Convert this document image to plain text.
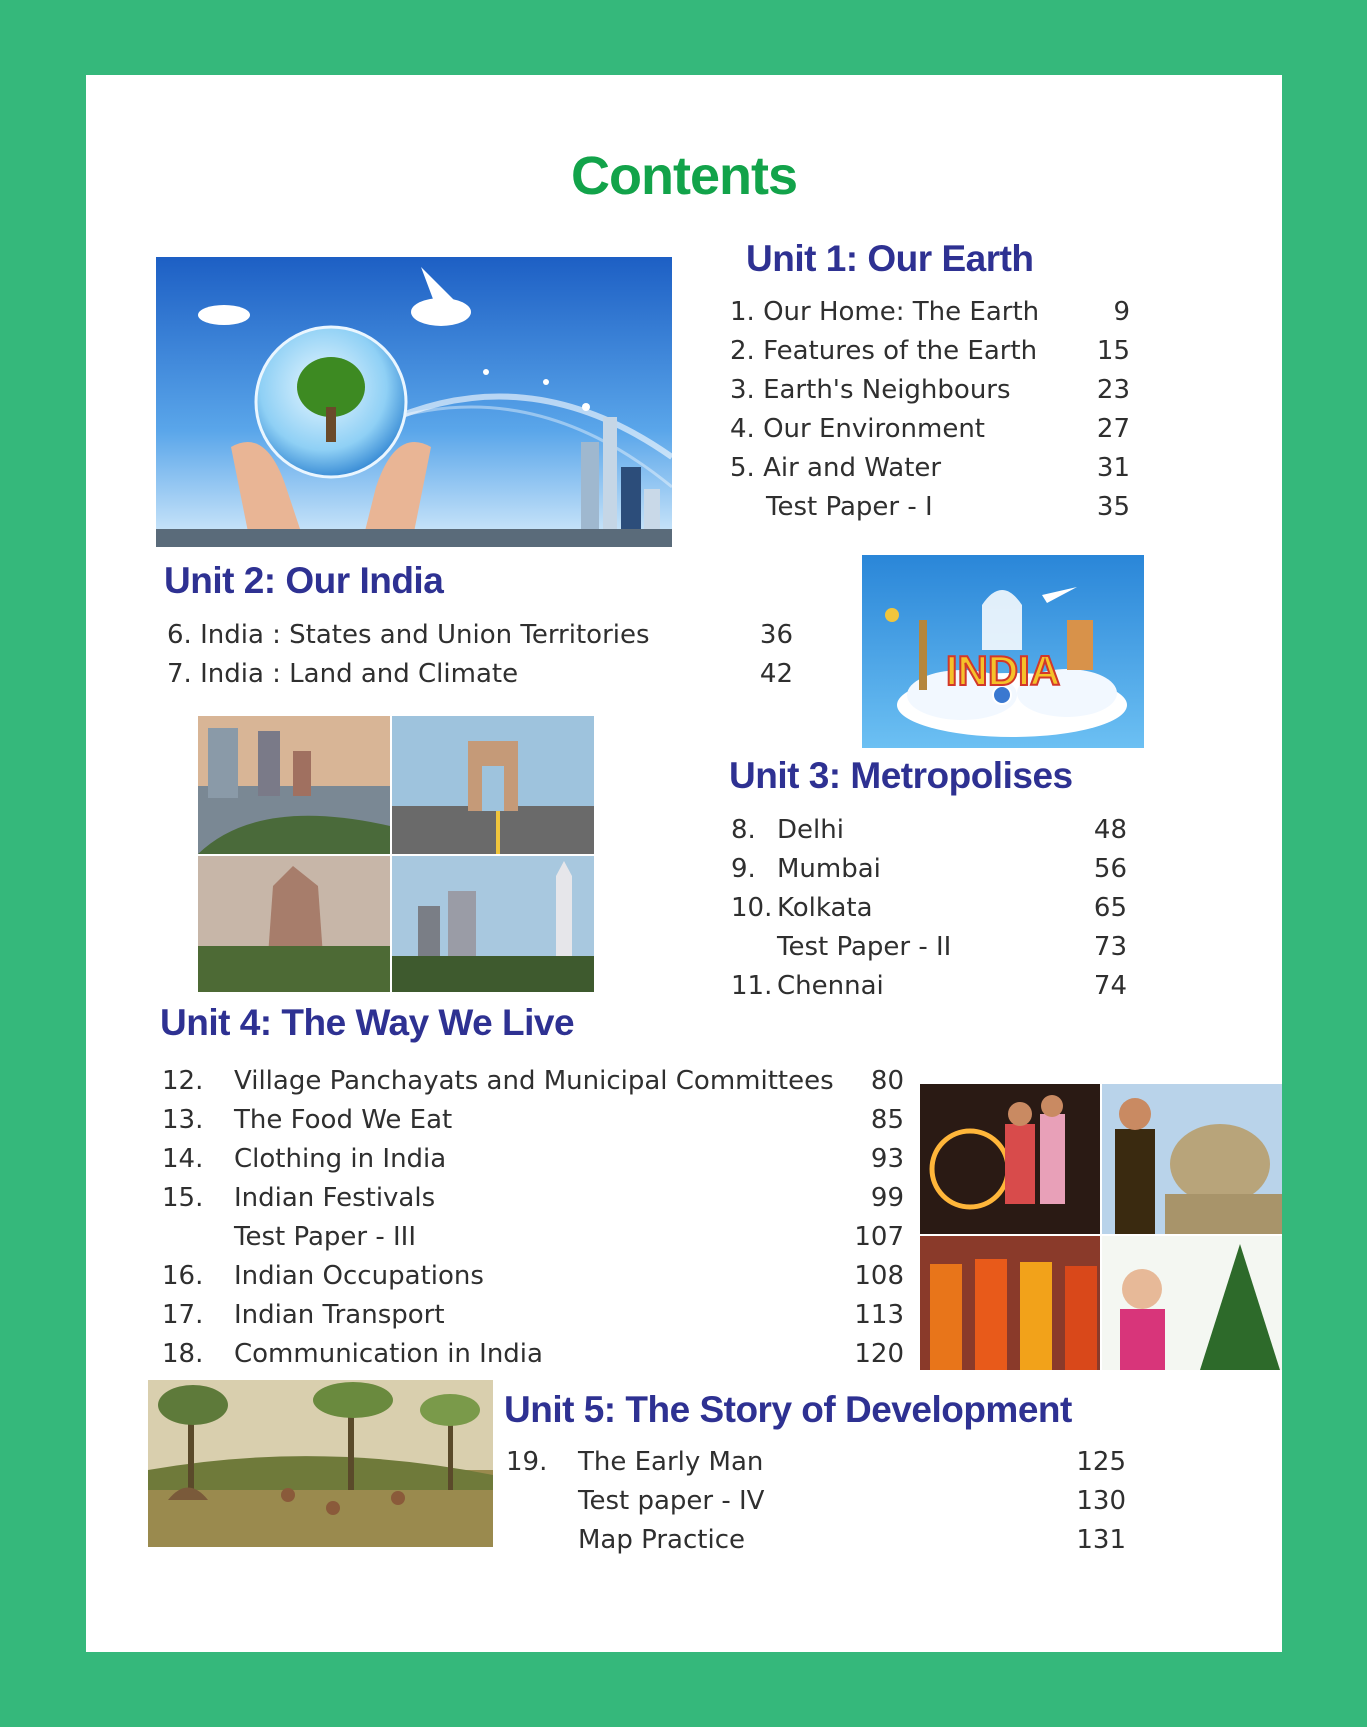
Contents
Unit 1: Our Earth
1. Our Home: The Earth	9
2. Features of the Earth 15
3. Earth's Neighbours	23
4. Our Environment	27
5. Air and Water	31
Test Paper - I	35
Unit 2: Our India
6. India : States and Union Territories	36
7. India : Land and Climate	42	INDIA
Unit 3: Metropolises
8. Delhi	48
9. Mumbai	56
10. Kolkata	65
Test Paper - II	73
11. Chennai	74
Unit 4: The Way We Live
12. Village Panchayats and Municipal Committees 80
13. The Food We Eat	85
14. Clothing in India	93
15. Indian Festivals	99
Test Paper - III	107
16. Indian Occupations	108
17. Indian Transport	113
18. Communication in India	120
Unit 5: The Story of Development
19. The Early Man	125
Test paper - IV	130
Map Practice	131
